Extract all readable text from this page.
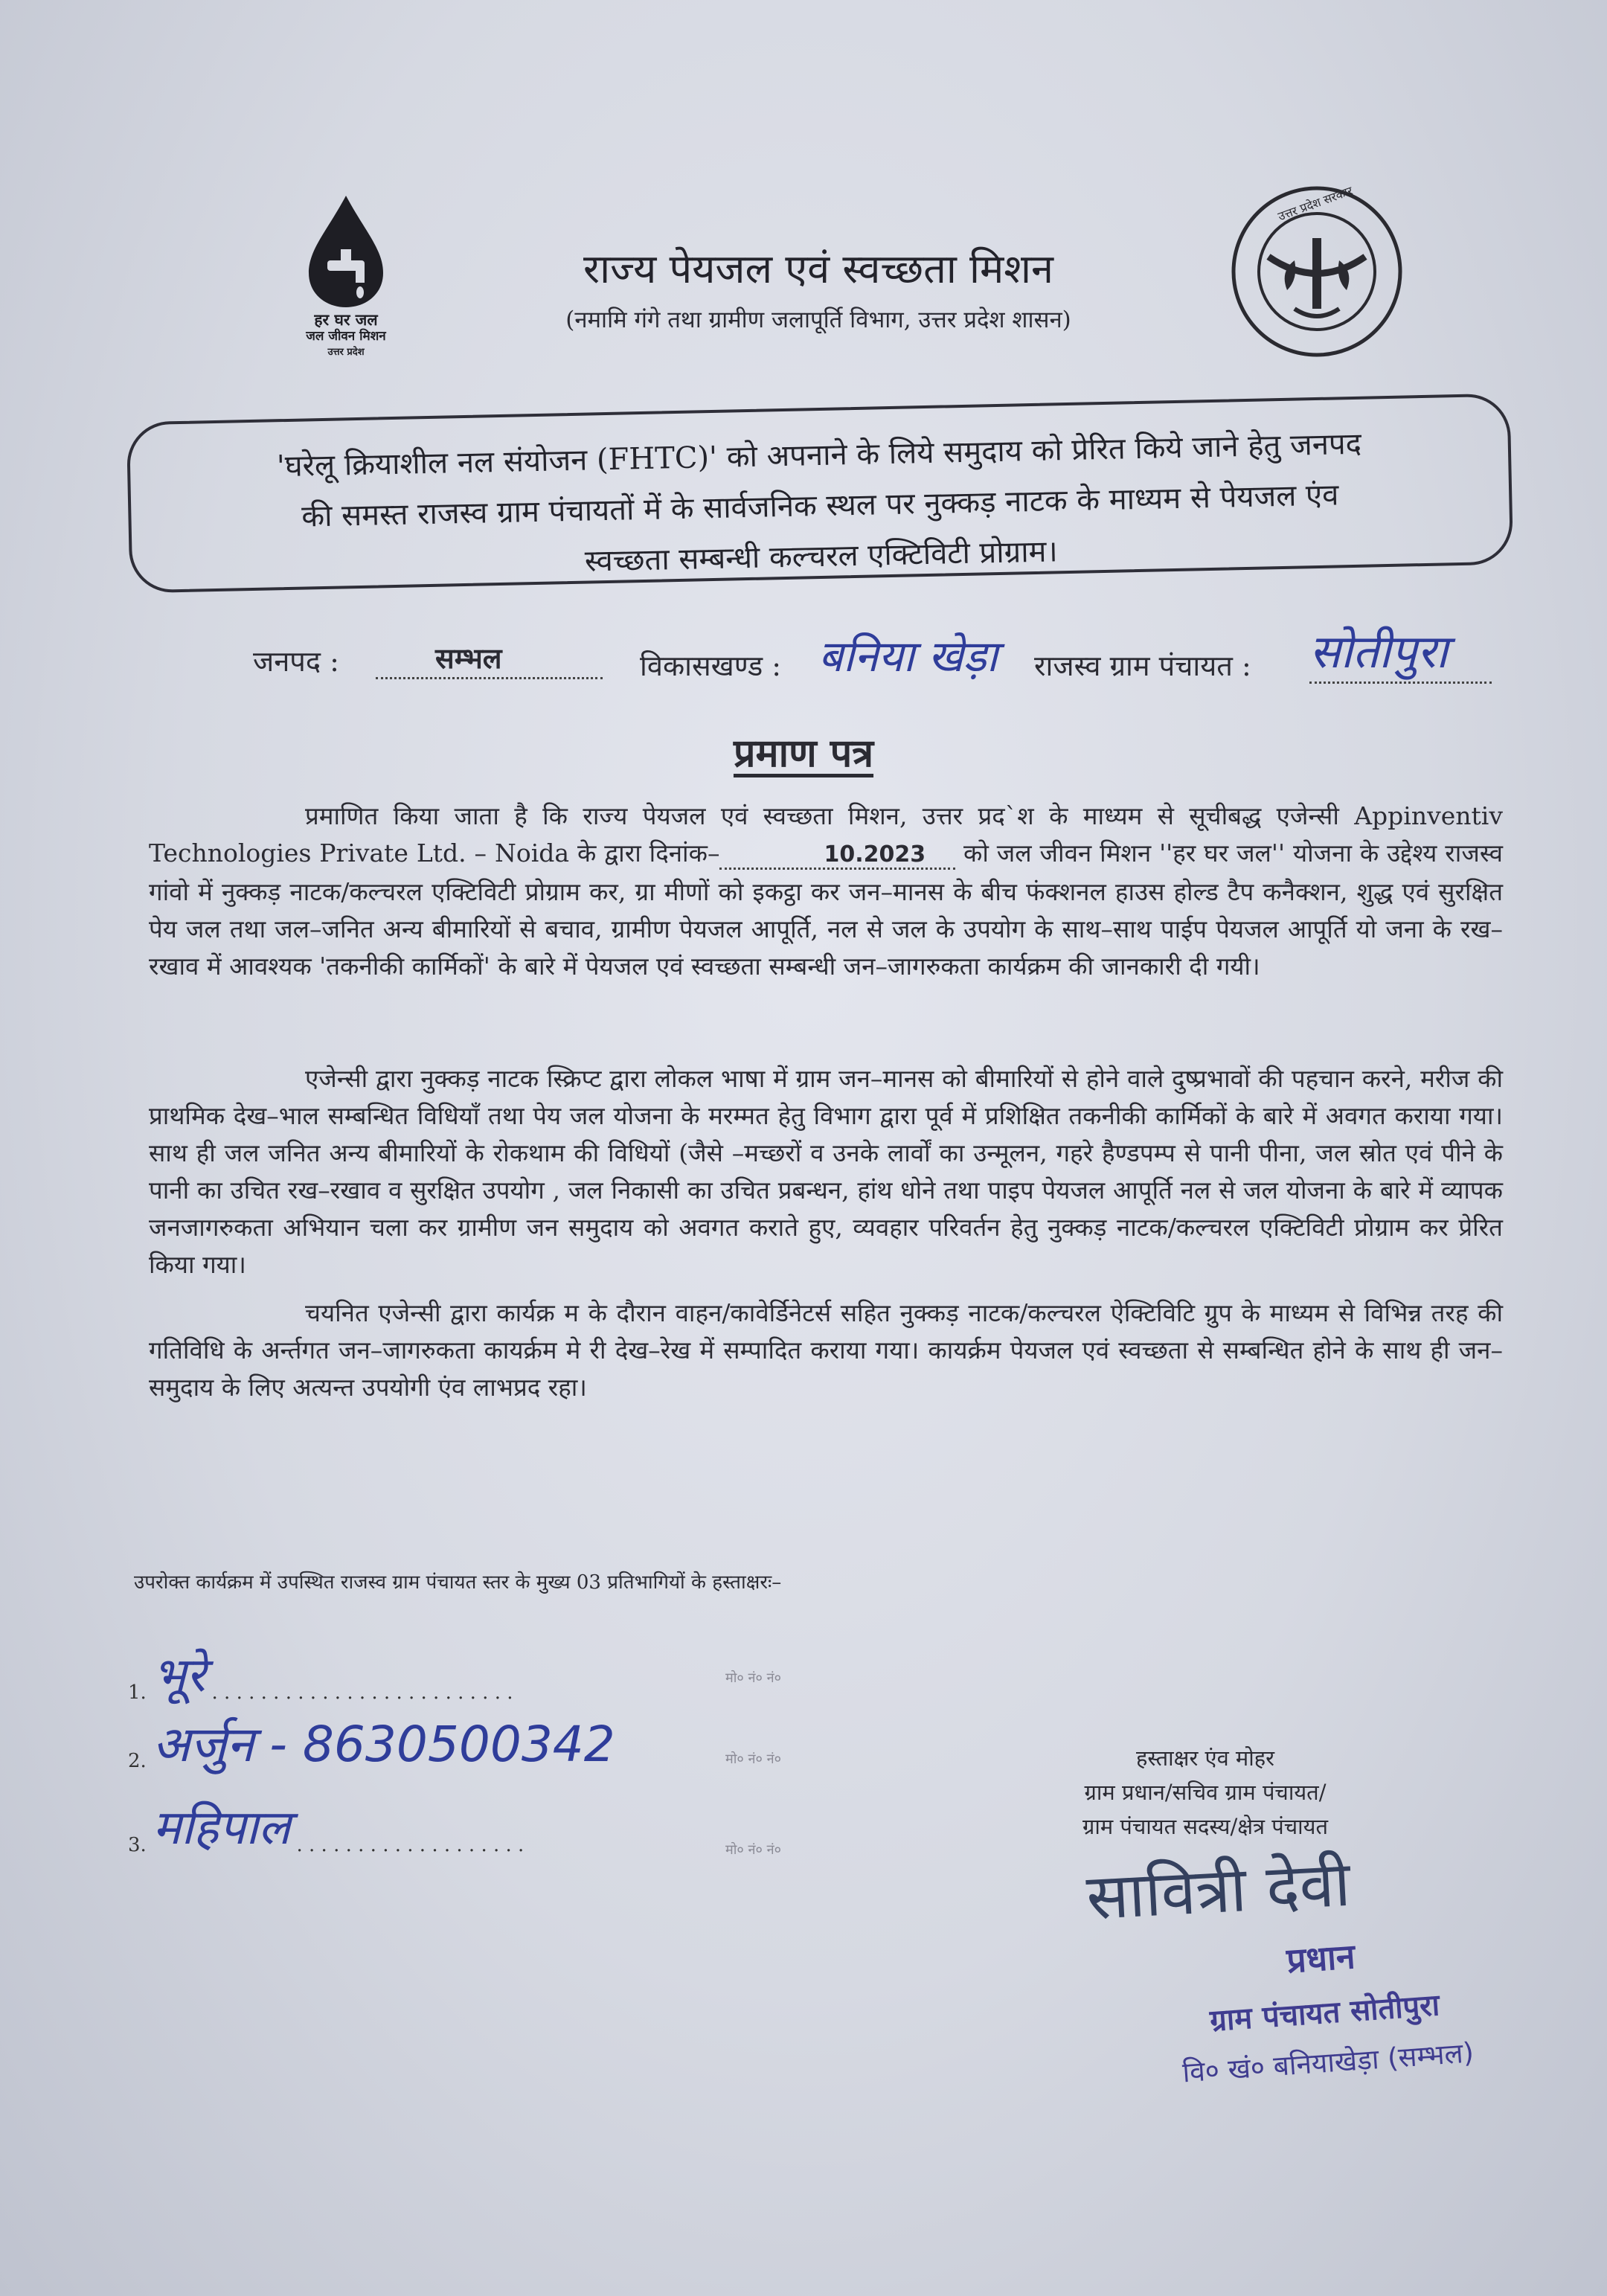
हर घर जल
जल जीवन मिशन
उत्तर प्रदेश
राज्य पेयजल एवं स्वच्छता मिशन
(नमामि गंगे तथा ग्रामीण जलापूर्ति विभाग, उत्तर प्रदेश शासन)
उत्तर प्रदेश सरकार
'घरेलू क्रियाशील नल संयोजन (FHTC)' को अपनाने के लिये समुदाय को प्रेरित किये जाने हेतु जनपद
की समस्त राजस्व ग्राम पंचायतों में के सार्वजनिक स्थल पर नुक्कड़ नाटक के माध्यम से पेयजल एंव
स्वच्छता सम्बन्धी कल्चरल एक्टिविटी प्रोग्राम।
जनपद :	सम्भल	विकासखण्ड : बनिया खेड़ा राजस्व ग्राम पंचायत : सोतीपुरा
प्रमाण पत्र

प्रमाणित किया जाता है कि राज्य पेयजल एवं स्वच्छता मिशन, उत्तर प्रद`श के माध्यम से सूचीबद्ध एजेन्सी Appinventiv Technologies Private Ltd. – Noida के द्वारा दिनांक–	10.2023 को जल जीवन मिशन ''हर घर जल'' योजना के उद्देश्य राजस्व गांवो में नुक्कड़ नाटक/कल्चरल एक्टिविटी प्रोग्राम कर, ग्रा मीणों को इकट्ठा कर जन–मानस के बीच फंक्शनल हाउस होल्ड टैप कनैक्शन, शुद्ध एवं सुरक्षित पेय जल तथा जल–जनित अन्य बीमारियों से बचाव, ग्रामीण पेयजल आपूर्ति, नल से जल के उपयोग के साथ–साथ पाईप पेयजल आपूर्ति यो जना के रख–रखाव में आवश्यक 'तकनीकी कार्मिकों' के बारे में पेयजल एवं स्वच्छता सम्बन्धी जन–जागरुकता कार्यक्रम की जानकारी दी गयी।

एजेन्सी द्वारा नुक्कड़ नाटक स्क्रिप्ट द्वारा लोकल भाषा में ग्राम जन–मानस को बीमारियों से होने वाले दुष्प्रभावों की पहचान करने, मरीज की प्राथमिक देख–भाल सम्बन्धित विधियाँ तथा पेय जल योजना के मरम्मत हेतु विभाग द्वारा पूर्व में प्रशिक्षित तकनीकी कार्मिकों के बारे में अवगत कराया गया। साथ ही जल जनित अन्य बीमारियों के रोकथाम की विधियों (जैसे –मच्छरों व उनके लार्वों का उन्मूलन, गहरे हैण्डपम्प से पानी पीना, जल स्रोत एवं पीने के पानी का उचित रख–रखाव व सुरक्षित उपयोग , जल निकासी का उचित प्रबन्धन, हांथ धोने तथा पाइप पेयजल आपूर्ति नल से जल योजना के बारे में व्यापक जनजागरुकता अभियान चला कर ग्रामीण जन समुदाय को अवगत कराते हुए, व्यवहार परिवर्तन हेतु नुक्कड़ नाटक/कल्चरल एक्टिविटी प्रोग्राम कर प्रेरित किया गया।

चयनित एजेन्सी द्वारा कार्यक्र म के दौरान वाहन/कावेर्डिनेटर्स सहित नुक्कड़ नाटक/कल्चरल ऐक्टिविटि ग्रुप के माध्यम से विभिन्न तरह की गतिविधि के अर्न्तगत जन–जागरुकता कायर्क्रम मे री देख–रेख में सम्पादित कराया गया। कायर्क्रम पेयजल एवं स्वच्छता से सम्बन्धित होने के साथ ही जन–समुदाय के लिए अत्यन्त उपयोगी एंव लाभप्रद रहा।

उपरोक्त कार्यक्रम में उपस्थित राजस्व ग्राम पंचायत स्तर के मुख्य 03 प्रतिभागियों के हस्ताक्षरः–
1. भूरे . . . . . . . . . . . . . . . . . . . . . . . . .
मो० नं० नं०
2. अर्जुन - 8630500342	मो० नं० नं०
3. महिपाल . . . . . . . . . . . . . . . . . . .	मो० नं० नं०
हस्ताक्षर एंव मोहर
ग्राम प्रधान/सचिव ग्राम पंचायत/
ग्राम पंचायत सदस्य/क्षेत्र पंचायत
सावित्री देवी
प्रधान
ग्राम पंचायत सोतीपुरा
वि० खं० बनियाखेड़ा (सम्भल)
